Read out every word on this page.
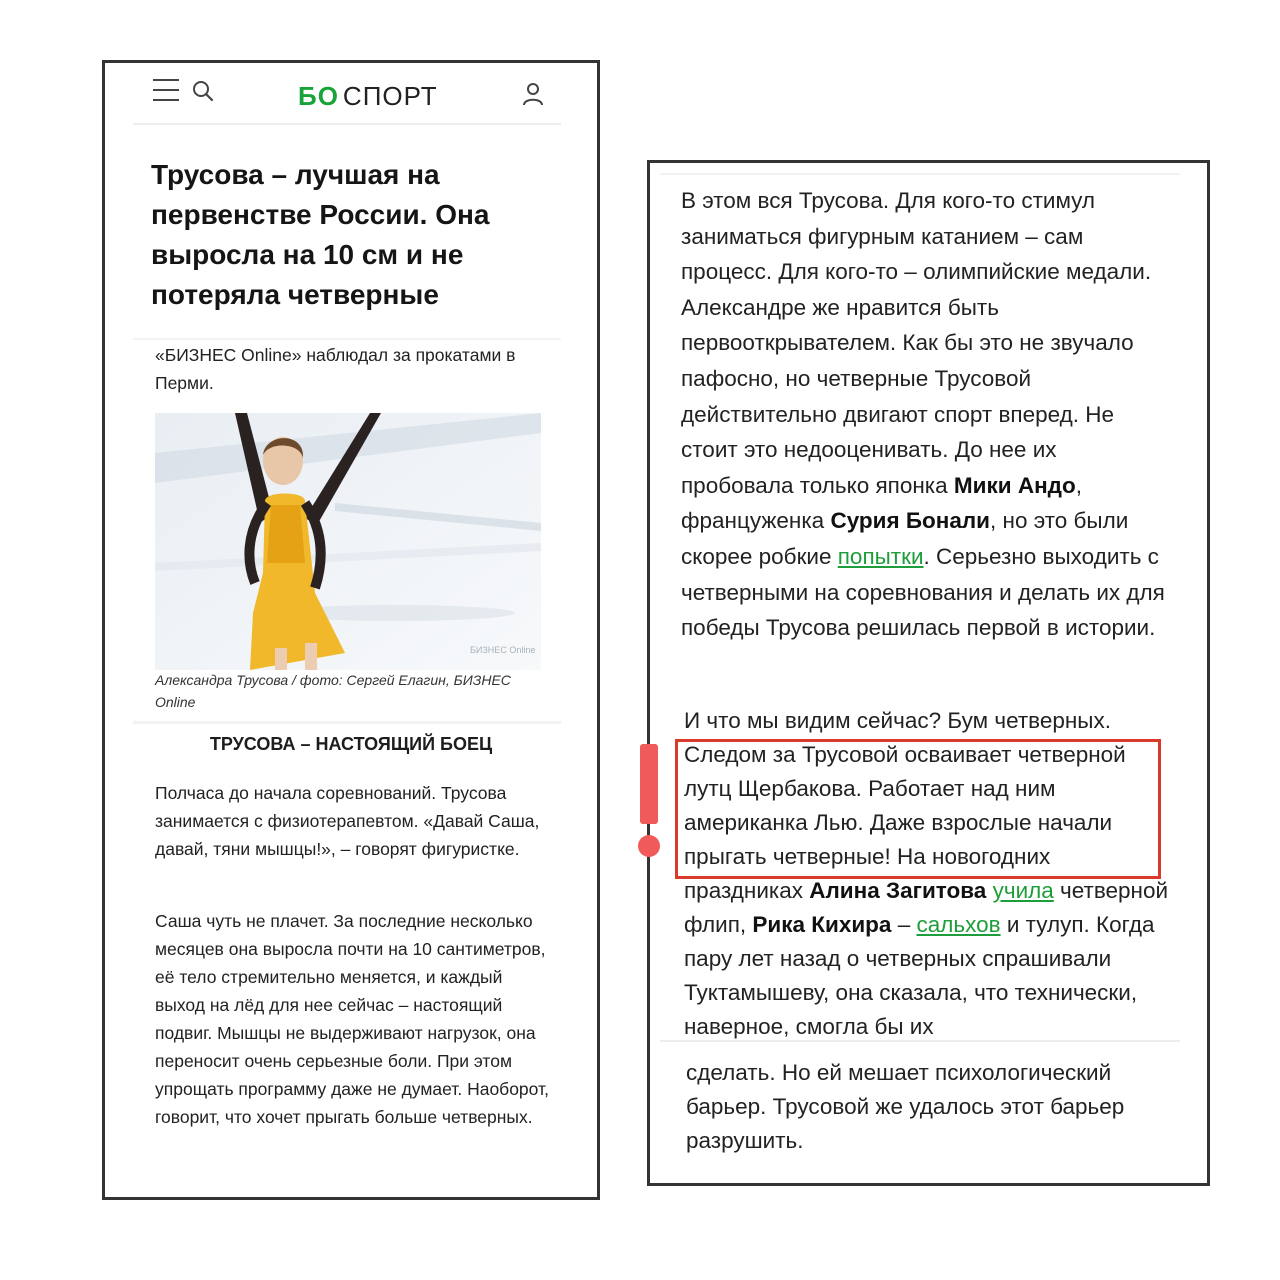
БО СПОРТ
Трусова – лучшая на первенстве России. Она выросла на 10 см и не потеряла четверные
«БИЗНЕС Online» наблюдал за прокатами в Перми.
БИЗНЕС Online
Александра Трусова / фото: Сергей Елагин, БИЗНЕС Online
ТРУСОВА – НАСТОЯЩИЙ БОЕЦ

Полчаса до начала соревнований. Трусова занимается с физиотерапевтом. «Давай Саша, давай, тяни мышцы!», – говорят фигуристке.

Саша чуть не плачет. За последние несколько месяцев она выросла почти на 10 сантиметров, её тело стремительно меняется, и каждый выход на лёд для нее сейчас – настоящий подвиг. Мышцы не выдерживают нагрузок, она переносит очень серьезные боли. При этом упрощать программу даже не думает. Наоборот, говорит, что хочет прыгать больше четверных.

В этом вся Трусова. Для кого-то стимул заниматься фигурным катанием – сам процесс. Для кого-то – олимпийские медали. Александре же нравится быть первооткрывателем. Как бы это не звучало пафосно, но четверные Трусовой действительно двигают спорт вперед. Не стоит это недооценивать. До нее их пробовала только японка Мики Андо, француженка Сурия Бонали, но это были скорее робкие попытки. Серьезно выходить с четверными на соревнования и делать их для победы Трусова решилась первой в истории.

И что мы видим сейчас? Бум четверных. Следом за Трусовой осваивает четверной лутц Щербакова. Работает над ним американка Лью. Даже взрослые начали прыгать четверные! На новогодних праздниках Алина Загитова учила четверной флип, Рика Кихира – сальхов и тулуп. Когда пару лет назад о четверных спрашивали Туктамышеву, она сказала, что технически, наверное, смогла бы их

сделать. Но ей мешает психологический барьер. Трусовой же удалось этот барьер разрушить.
